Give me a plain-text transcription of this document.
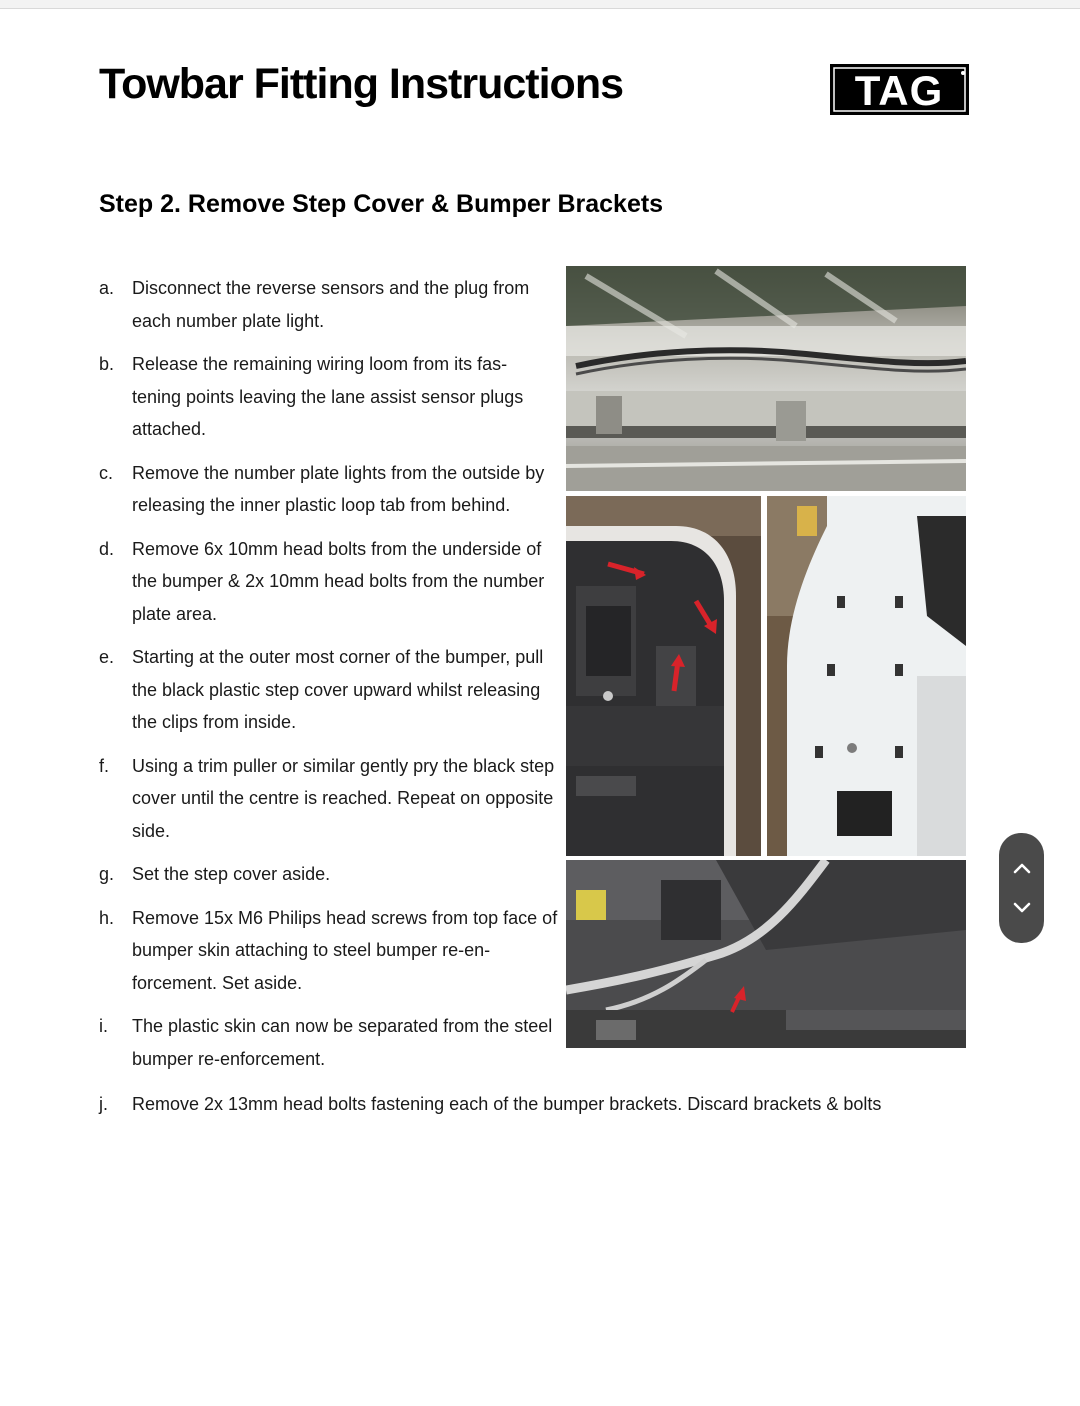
Towbar Fitting Instructions	TAG
Step 2. Remove Step Cover & Bumper Brackets
a. Disconnect the reverse sensors and the plug from each number plate light.
b. Release the remaining wiring loom from its fas- tening points leaving the lane assist sensor plugs attached.
c.	Remove the number plate lights from the outside by releasing the inner plastic loop tab from behind.
d. Remove 6x 10mm head bolts from the underside of the bumper & 2x 10mm head bolts from the number plate area.
e. Starting at the outer most corner of the bumper, pull the black plastic step cover upward whilst releasing the clips from inside.
f.	Using a trim puller or similar gently pry the black step cover until the centre is reached. Repeat on opposite side.
g. Set the step cover aside.
h. Remove 15x M6 Philips head screws from top face of bumper skin attaching to steel bumper re-en- forcement. Set aside.
i.	The plastic skin can now be separated from the steel bumper re-enforcement.
j.	Remove 2x 13mm head bolts fastening each of the bumper brackets. Discard brackets & bolts
